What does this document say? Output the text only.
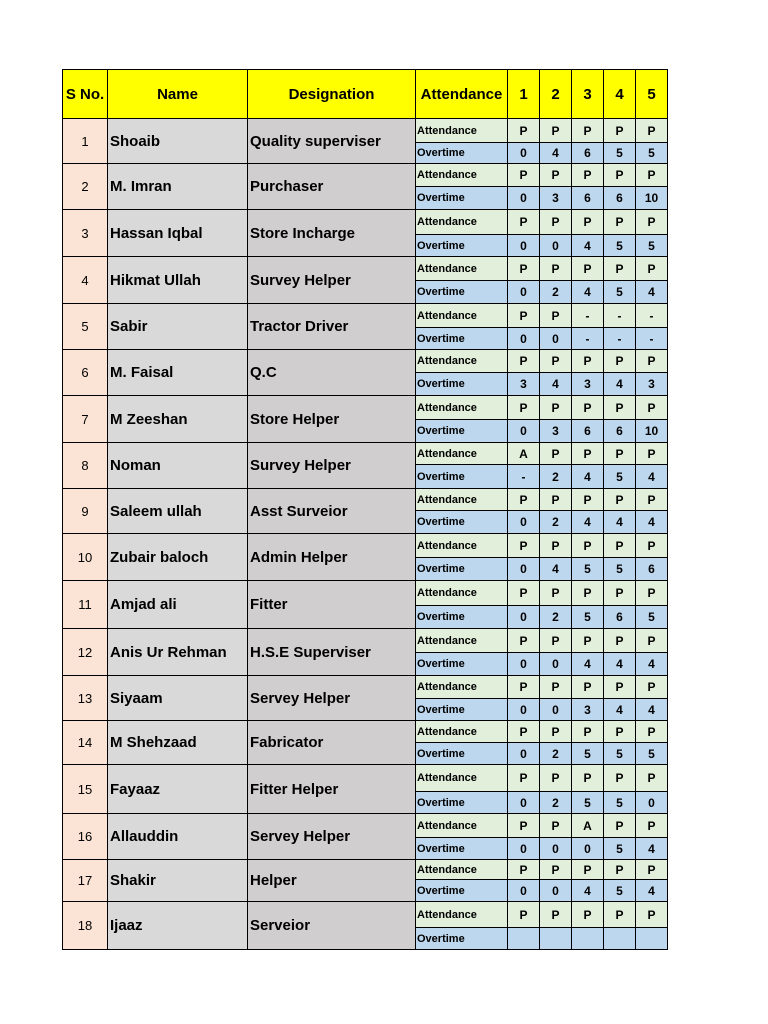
S No.	Name	Designation	Attendance	1	2	3	4	5
1	Shoaib	Quality superviser	Attendance	P	P	P	P	P
			Overtime	0	4	6	5	5
2	M. Imran	Purchaser	Attendance	P	P	P	P	P
			Overtime	0	3	6	6	10
3	Hassan Iqbal	Store Incharge	Attendance	P	P	P	P	P
			Overtime	0	0	4	5	5
4	Hikmat Ullah	Survey Helper	Attendance	P	P	P	P	P
			Overtime	0	2	4	5	4
5	Sabir	Tractor Driver	Attendance	P	P	-	-	-
			Overtime	0	0	-	-	-
6	M. Faisal	Q.C	Attendance	P	P	P	P	P
			Overtime	3	4	3	4	3
7	M Zeeshan	Store Helper	Attendance	P	P	P	P	P
			Overtime	0	3	6	6	10
8	Noman	Survey Helper	Attendance	A	P	P	P	P
			Overtime	-	2	4	5	4
9	Saleem ullah	Asst Surveior	Attendance	P	P	P	P	P
			Overtime	0	2	4	4	4
10	Zubair baloch	Admin Helper	Attendance	P	P	P	P	P
			Overtime	0	4	5	5	6
11	Amjad ali	Fitter	Attendance	P	P	P	P	P
			Overtime	0	2	5	6	5
12	Anis Ur Rehman	H.S.E Superviser	Attendance	P	P	P	P	P
			Overtime	0	0	4	4	4
13	Siyaam	Servey Helper	Attendance	P	P	P	P	P
			Overtime	0	0	3	4	4
14	M Shehzaad	Fabricator	Attendance	P	P	P	P	P
			Overtime	0	2	5	5	5
15	Fayaaz	Fitter Helper	Attendance	P	P	P	P	P
			Overtime	0	2	5	5	0
16	Allauddin	Servey Helper	Attendance	P	P	A	P	P
			Overtime	0	0	0	5	4
17	Shakir	Helper	Attendance	P	P	P	P	P
			Overtime	0	0	4	5	4
18	Ijaaz	Serveior	Attendance	P	P	P	P	P
			Overtime					
